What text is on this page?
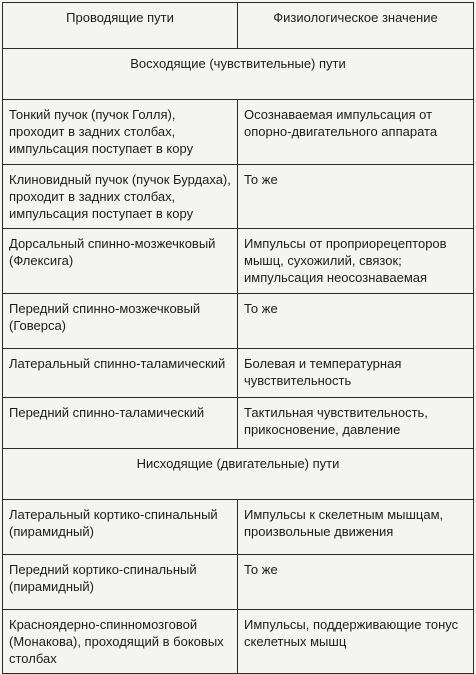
Проводящие пути	Физиологическое значение
Восходящие (чувствительные) пути	
Тонкий пучок (пучок Голля), проходит в задних столбах, импульсация поступает в кору	Осознаваемая импульсация от опорно-двигательного аппарата
Клиновидный пучок (пучок Бурдаха), проходит в задних столбах, импульсация поступает в кору	То же
Дорсальный спинно-мозжечковый (Флексига)	Импульсы от проприорецепторов мышц, сухожилий, связок; импульсация неосознаваемая
Передний спинно-мозжечковый (Говерса)	То же
Латеральный спинно-таламический	Болевая и температурная чувствительность
Передний спинно-таламический	Тактильная чувствительность, прикосновение, давление
Нисходящие (двигательные) пути	
Латеральный кортико-спинальный (пирамидный)	Импульсы к скелетным мышцам, произвольные движения
Передний кортико-спинальный (пирамидный)	То же
Красноядерно-спинномозговой (Монакова), проходящий в боковых столбах	Импульсы, поддерживающие тонус скелетных мышц
